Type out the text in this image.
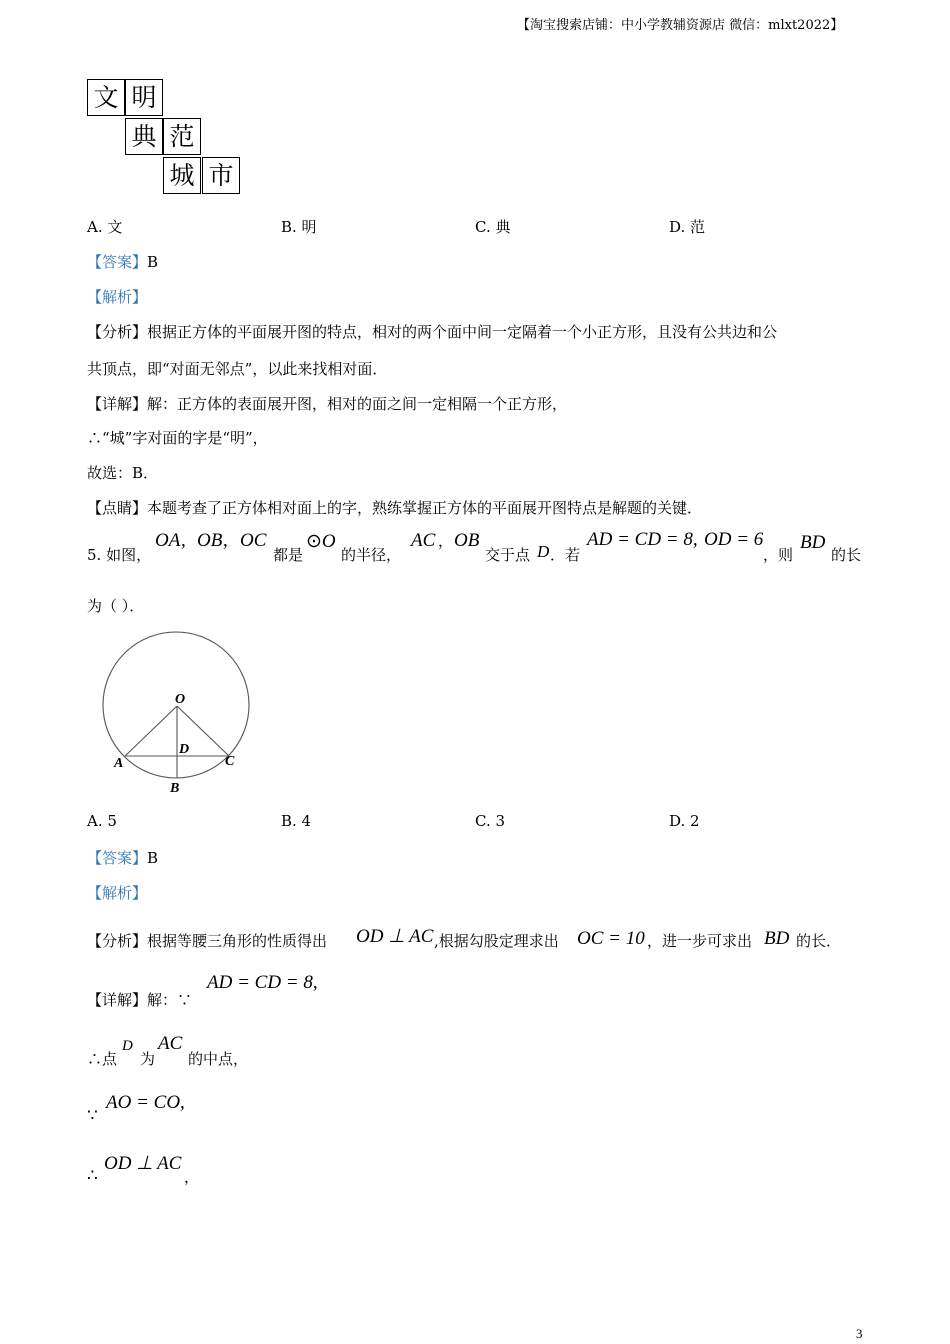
【淘宝搜索店铺：中小学教辅资源店 微信：mlxt2022】
文 明
典 范
城 市
A. 文	B. 明	C. 典	D. 范
【答案】B
【解析】
【分析】根据正方体的平面展开图的特点，相对的两个面中间一定隔着一个小正方形，且没有公共边和公
共顶点，即“对面无邻点”，以此来找相对面．
【详解】解：正方体的表面展开图，相对的面之间一定相隔一个正方形，
∴“城”字对面的字是“明”，
故选：B．
【点睛】本题考查了正方体相对面上的字，熟练掌握正方体的平面展开图特点是解题的关键．
5. 如图，
OA , OB , OC
都是
⊙O
的半径，
AC ， OB
交于点 D ．若
AD = CD = 8, OD = 6
，则
BD
的长
为（ ）．
O
D
A	C
B
A. 5	B. 4	C. 3	D. 2
【答案】B
【解析】
【分析】根据等腰三角形的性质得出 OD ⊥ AC ,根据勾股定理求出 OC = 10 ，进一步可求出 BD 的长．
【详解】解：∵
AD = CD = 8,
∴点
D
为
AC
的中点，
∵
AO = CO,
∴
OD ⊥ AC
，
3
